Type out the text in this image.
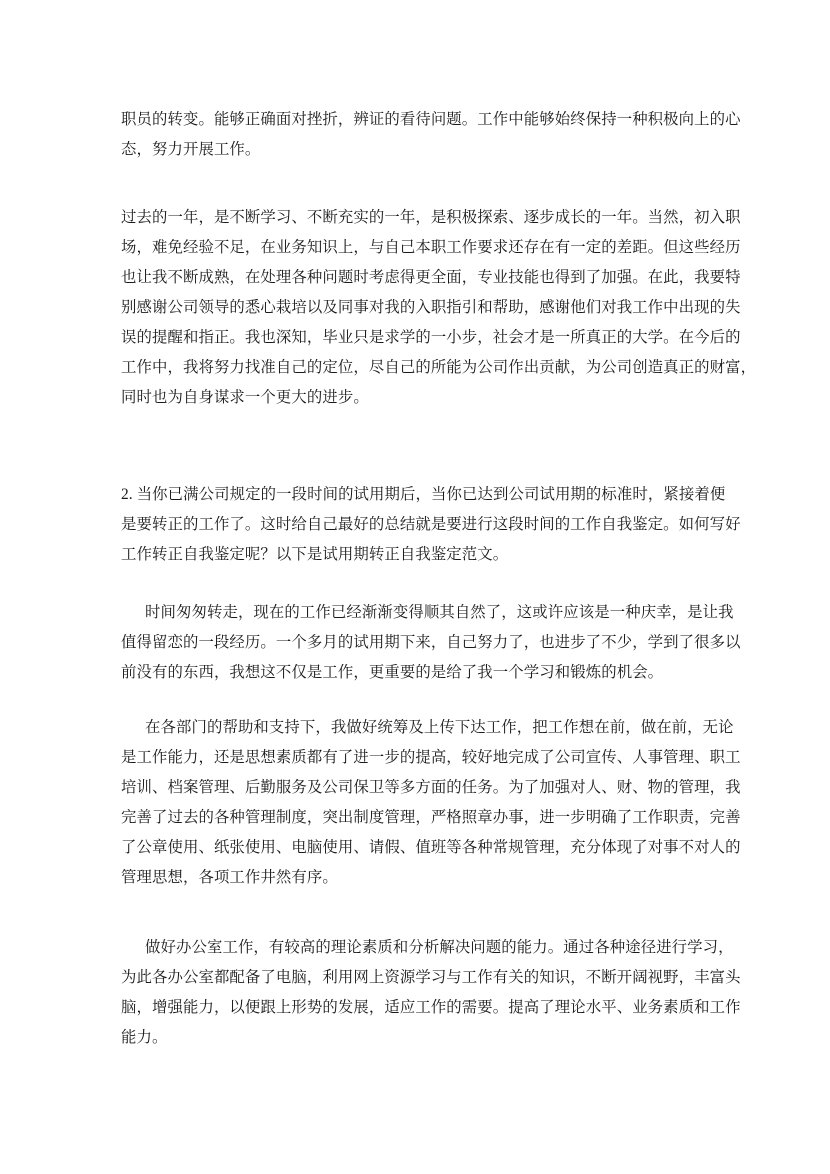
职员的转变。能够正确面对挫折，辨证的看待问题。工作中能够始终保持一种积极向上的心
态，努力开展工作。
过去的一年，是不断学习、不断充实的一年，是积极探索、逐步成长的一年。当然，初入职
场，难免经验不足，在业务知识上，与自己本职工作要求还存在有一定的差距。但这些经历
也让我不断成熟，在处理各种问题时考虑得更全面，专业技能也得到了加强。在此，我要特
别感谢公司领导的悉心栽培以及同事对我的入职指引和帮助，感谢他们对我工作中出现的失
误的提醒和指正。我也深知，毕业只是求学的一小步，社会才是一所真正的大学。在今后的
工作中，我将努力找准自己的定位，尽自己的所能为公司作出贡献，为公司创造真正的财富，
同时也为自身谋求一个更大的进步。
2. 当你已满公司规定的一段时间的试用期后，当你已达到公司试用期的标准时，紧接着便
是要转正的工作了。这时给自己最好的总结就是要进行这段时间的工作自我鉴定。如何写好
工作转正自我鉴定呢？以下是试用期转正自我鉴定范文。
时间匆匆转走，现在的工作已经渐渐变得顺其自然了，这或许应该是一种庆幸，是让我
值得留恋的一段经历。一个多月的试用期下来，自己努力了，也进步了不少，学到了很多以
前没有的东西，我想这不仅是工作，更重要的是给了我一个学习和锻炼的机会。
在各部门的帮助和支持下，我做好统筹及上传下达工作，把工作想在前，做在前，无论
是工作能力，还是思想素质都有了进一步的提高，较好地完成了公司宣传、人事管理、职工
培训、档案管理、后勤服务及公司保卫等多方面的任务。为了加强对人、财、物的管理，我
完善了过去的各种管理制度，突出制度管理，严格照章办事，进一步明确了工作职责，完善
了公章使用、纸张使用、电脑使用、请假、值班等各种常规管理，充分体现了对事不对人的
管理思想，各项工作井然有序。
做好办公室工作，有较高的理论素质和分析解决问题的能力。通过各种途径进行学习，
为此各办公室都配备了电脑，利用网上资源学习与工作有关的知识，不断开阔视野，丰富头
脑，增强能力，以便跟上形势的发展，适应工作的需要。提高了理论水平、业务素质和工作
能力。
